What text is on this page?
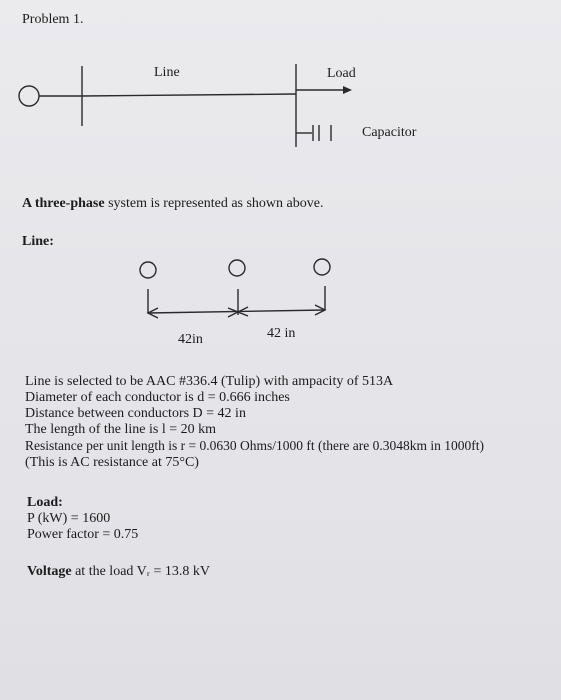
Problem 1.
Line	Load
Capacitor
A three-phase system is represented as shown above.
Line:
42in	42 in
Line is selected to be AAC #336.4 (Tulip) with ampacity of 513A
Diameter of each conductor is d = 0.666 inches
Distance between conductors D = 42 in
The length of the line is l = 20 km
Resistance per unit length is r = 0.0630 Ohms/1000 ft (there are 0.3048km in 1000ft)
(This is AC resistance at 75°C)
Load:
P (kW) = 1600
Power factor = 0.75
Voltage at the load Vᵣ = 13.8 kV
